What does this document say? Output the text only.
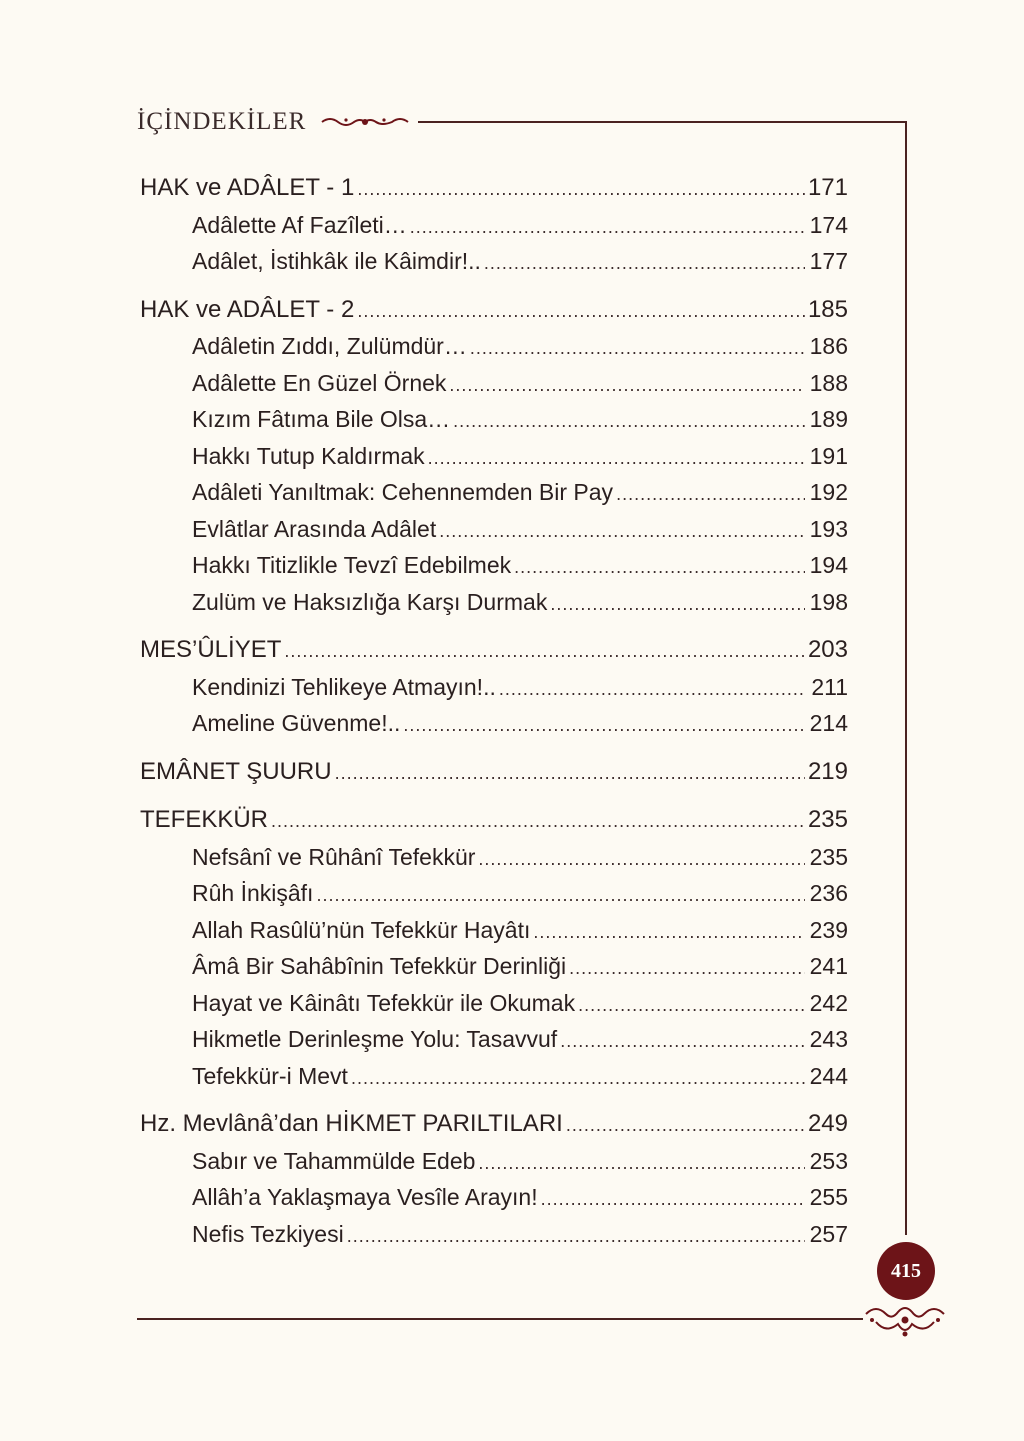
İÇİNDEKİLER
HAK ve ADÂLET - 1 .....	171
Adâlette Af Fazîleti… .....	174
Adâlet, İstihkâk ile Kâimdir!.. .....	177
HAK ve ADÂLET - 2 .....	185
Adâletin Zıddı, Zulümdür… .....	186
Adâlette En Güzel Örnek .....	188
Kızım Fâtıma Bile Olsa… .....	189
Hakkı Tutup Kaldırmak .....	191
Adâleti Yanıltmak: Cehennemden Bir Pay .....	192
Evlâtlar Arasında Adâlet .....	193
Hakkı Titizlikle Tevzî Edebilmek .....	194
Zulüm ve Haksızlığa Karşı Durmak .....	198
MES’ÛLİYET .....	203
Kendinizi Tehlikeye Atmayın!.. .....	211
Ameline Güvenme!.. .....	214
EMÂNET ŞUURU .....	219
TEFEKKÜR .....	235
Nefsânî ve Rûhânî Tefekkür .....	235
Rûh İnkişâfı .....	236
Allah Rasûlü’nün Tefekkür Hayâtı .....	239
Âmâ Bir Sahâbînin Tefekkür Derinliği .....	241
Hayat ve Kâinâtı Tefekkür ile Okumak .....	242
Hikmetle Derinleşme Yolu: Tasavvuf .....	243
Tefekkür-i Mevt .....	244
Hz. Mevlânâ’dan HİKMET PARILTILARI .....	249
Sabır ve Tahammülde Edeb .....	253
Allâh’a Yaklaşmaya Vesîle Arayın! .....	255
Nefis Tezkiyesi .....	257
415
